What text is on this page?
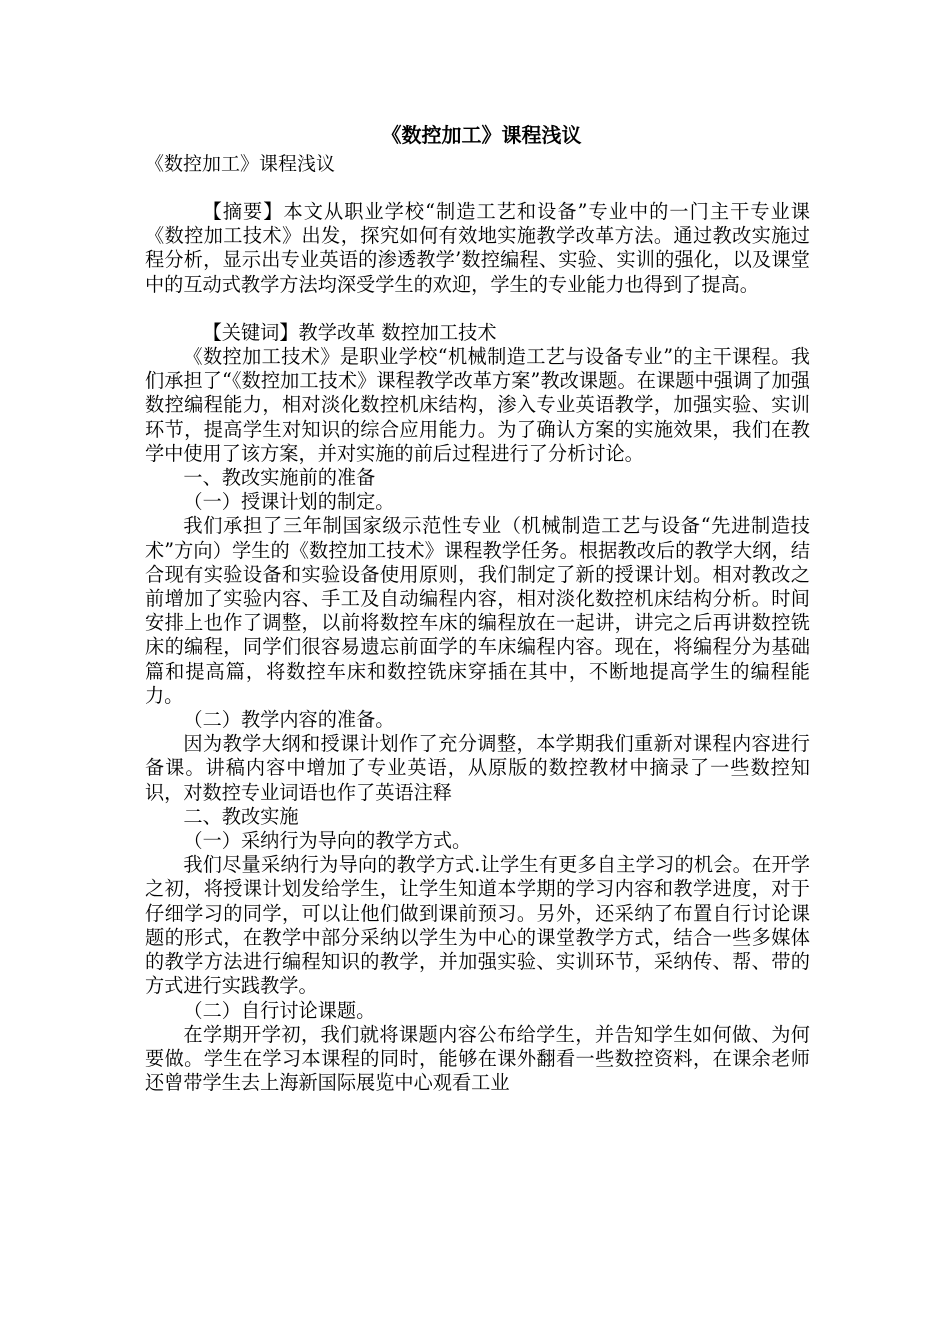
《数控加工》课程浅议
《数控加工》课程浅议

【摘要】本文从职业学校“制造工艺和设备”专业中的一门主干专业课《数控加工技术》出发，探究如何有效地实施教学改革方法。通过教改实施过程分析，显示出专业英语的渗透教学’数控编程、实验、实训的强化，以及课堂中的互动式教学方法均深受学生的欢迎，学生的专业能力也得到了提高。

【关键词】教学改革 数控加工技术

《数控加工技术》是职业学校“机械制造工艺与设备专业”的主干课程。我们承担了“《数控加工技术》课程教学改革方案”教改课题。在课题中强调了加强数控编程能力，相对淡化数控机床结构，渗入专业英语教学，加强实验、实训环节，提高学生对知识的综合应用能力。为了确认方案的实施效果，我们在教学中使用了该方案，并对实施的前后过程进行了分析讨论。

一、教改实施前的准备

（一）授课计划的制定。

我们承担了三年制国家级示范性专业（机械制造工艺与设备“先进制造技术”方向）学生的《数控加工技术》课程教学任务。根据教改后的教学大纲，结合现有实验设备和实验设备使用原则，我们制定了新的授课计划。相对教改之前增加了实验内容、手工及自动编程内容，相对淡化数控机床结构分析。时间安排上也作了调整，以前将数控车床的编程放在一起讲，讲完之后再讲数控铣床的编程，同学们很容易遗忘前面学的车床编程内容。现在，将编程分为基础篇和提高篇，将数控车床和数控铣床穿插在其中，不断地提高学生的编程能力。

（二）教学内容的准备。

因为教学大纲和授课计划作了充分调整，本学期我们重新对课程内容进行备课。讲稿内容中增加了专业英语，从原版的数控教材中摘录了一些数控知识，对数控专业词语也作了英语注释

二、教改实施

（一）采纳行为导向的教学方式。

我们尽量采纳行为导向的教学方式.让学生有更多自主学习的机会。在开学之初，将授课计划发给学生，让学生知道本学期的学习内容和教学进度，对于仔细学习的同学，可以让他们做到课前预习。另外，还采纳了布置自行讨论课题的形式，在教学中部分采纳以学生为中心的课堂教学方式，结合一些多媒体的教学方法进行编程知识的教学，并加强实验、实训环节，采纳传、帮、带的方式进行实践教学。

（二）自行讨论课题。

在学期开学初，我们就将课题内容公布给学生，并告知学生如何做、为何要做。学生在学习本课程的同时，能够在课外翻看一些数控资料，在课余老师还曾带学生去上海新国际展览中心观看工业
